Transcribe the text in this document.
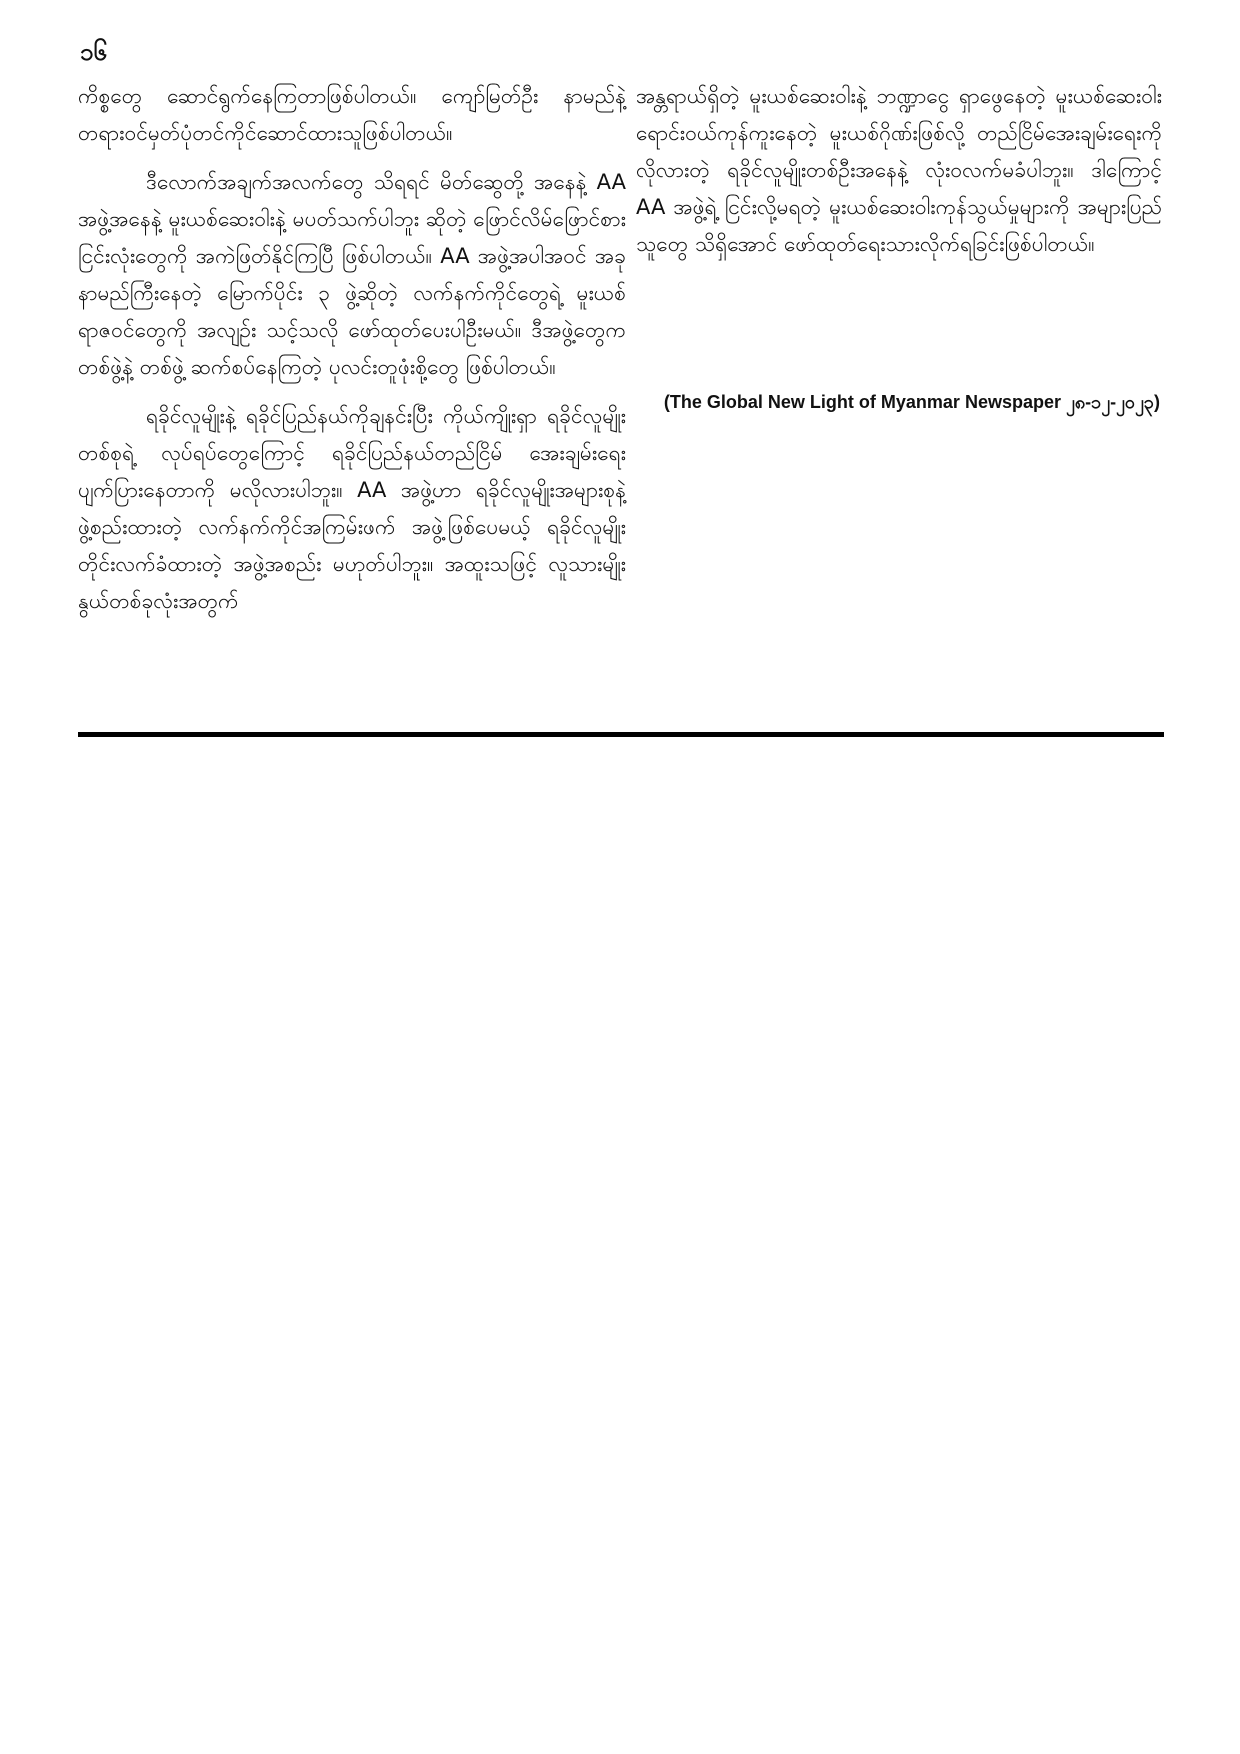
၁၆

ကိစ္စတွေ ဆောင်ရွက်နေကြတာဖြစ်ပါတယ်။ ကျော်မြတ်ဦး နာမည်နဲ့ တရားဝင်မှတ်ပုံတင်ကိုင်ဆောင်ထားသူဖြစ်ပါတယ်။

ဒီလောက်အချက်အလက်တွေ သိရရင် မိတ်ဆွေတို့ အနေနဲ့ AA အဖွဲ့အနေနဲ့ မူးယစ်ဆေးဝါးနဲ့ မပတ်သက်ပါဘူး ဆိုတဲ့ ဖြောင်လိမ်ဖြောင်စား ငြင်းလုံးတွေကို အကဲဖြတ်နိုင်ကြပြီ ဖြစ်ပါတယ်။ AA အဖွဲ့အပါအဝင် အခုနာမည်ကြီးနေတဲ့ မြောက်ပိုင်း ၃ ဖွဲ့ဆိုတဲ့ လက်နက်ကိုင်တွေရဲ့ မူးယစ်ရာဇဝင်တွေကို အလျဉ်း သင့်သလို ဖော်ထုတ်ပေးပါဦးမယ်။ ဒီအဖွဲ့တွေက တစ်ဖွဲ့နဲ့ တစ်ဖွဲ့ ဆက်စပ်နေကြတဲ့ ပုလင်းတူဖုံးစို့တွေ ဖြစ်ပါတယ်။

ရခိုင်လူမျိုးနဲ့ ရခိုင်ပြည်နယ်ကိုချနင်းပြီး ကိုယ်ကျိုးရှာ ရခိုင်လူမျိုးတစ်စုရဲ့ လုပ်ရပ်တွေကြောင့် ရခိုင်ပြည်နယ်တည်ငြိမ် အေးချမ်းရေး ပျက်ပြားနေတာကို မလိုလားပါဘူး။ AA အဖွဲ့ဟာ ရခိုင်လူမျိုးအများစုနဲ့ဖွဲ့စည်းထားတဲ့ လက်နက်ကိုင်အကြမ်းဖက် အဖွဲ့ဖြစ်ပေမယ့် ရခိုင်လူမျိုးတိုင်းလက်ခံထားတဲ့ အဖွဲ့အစည်း မဟုတ်ပါဘူး။ အထူးသဖြင့် လူသားမျိုးနွယ်တစ်ခုလုံးအတွက်

အန္တရာယ်ရှိတဲ့ မူးယစ်ဆေးဝါးနဲ့ ဘဏ္ဍာငွေ ရှာဖွေနေတဲ့ မူးယစ်ဆေးဝါးရောင်းဝယ်ကုန်ကူးနေတဲ့ မူးယစ်ဂိုဏ်းဖြစ်လို့ တည်ငြိမ်အေးချမ်းရေးကို လိုလားတဲ့ ရခိုင်လူမျိုးတစ်ဦးအနေနဲ့ လုံးဝလက်မခံပါဘူး။ ဒါကြောင့် AA အဖွဲ့ရဲ့ ငြင်းလို့မရတဲ့ မူးယစ်ဆေးဝါးကုန်သွယ်မှုများကို အများပြည်သူတွေ သိရှိအောင် ဖော်ထုတ်ရေးသားလိုက်ရခြင်းဖြစ်ပါတယ်။

(The Global New Light of Myanmar Newspaper ၂၈-၁၂-၂၀၂၃)
